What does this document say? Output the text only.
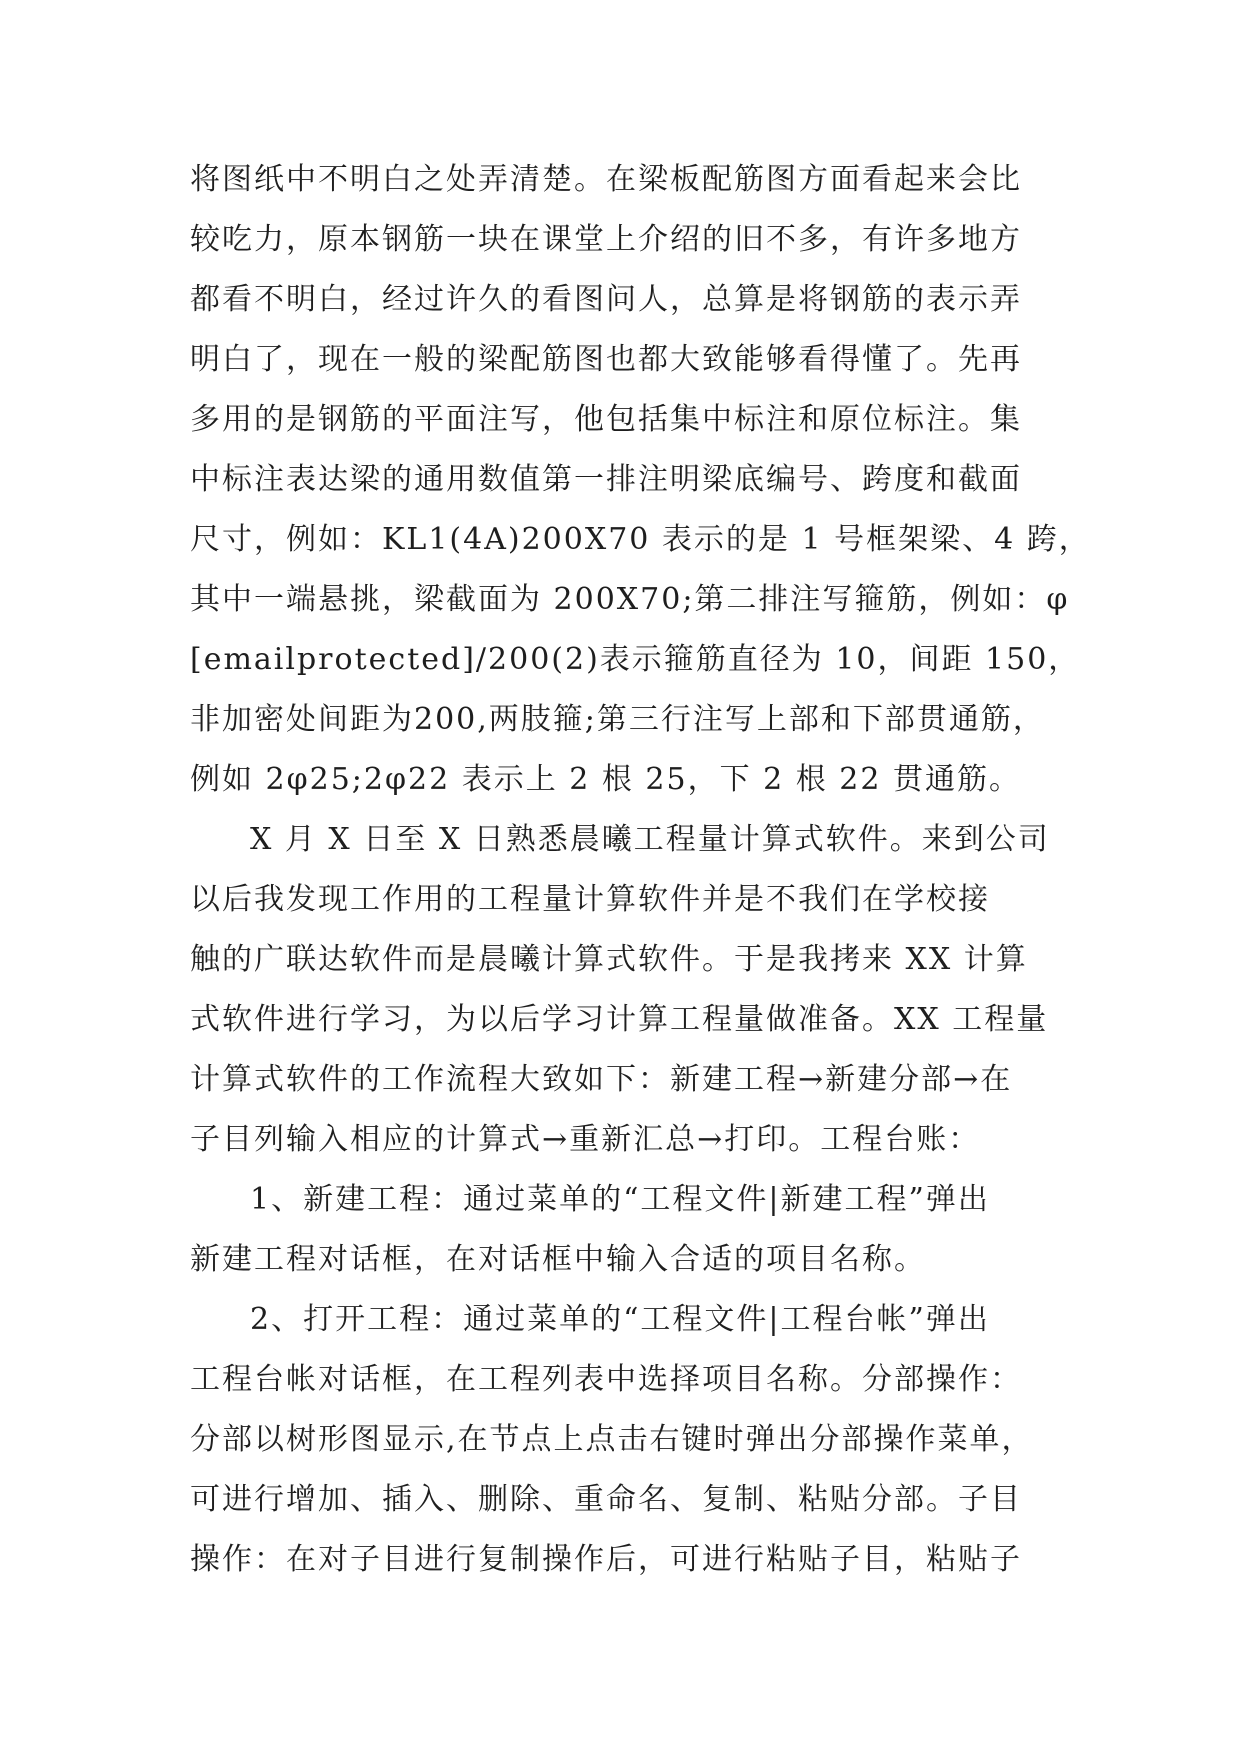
将图纸中不明白之处弄清楚。在梁板配筋图方面看起来会比
较吃力，原本钢筋一块在课堂上介绍的旧不多，有许多地方
都看不明白，经过许久的看图问人，总算是将钢筋的表示弄
明白了，现在一般的梁配筋图也都大致能够看得懂了。先再
多用的是钢筋的平面注写，他包括集中标注和原位标注。集
中标注表达梁的通用数值第一排注明梁底编号、跨度和截面
尺寸，例如：KL1(4A)200X70 表示的是 1 号框架梁、4 跨，
其中一端悬挑，梁截面为 200X70;第二排注写箍筋，例如：φ
[emailprotected]/200(2)表示箍筋直径为 10，间距 150，
非加密处间距为200,两肢箍;第三行注写上部和下部贯通筋，
例如 2φ25;2φ22 表示上 2 根 25，下 2 根 22 贯通筋。
X 月 X 日至 X 日熟悉晨曦工程量计算式软件。来到公司
以后我发现工作用的工程量计算软件并是不我们在学校接
触的广联达软件而是晨曦计算式软件。于是我拷来 XX 计算
式软件进行学习，为以后学习计算工程量做准备。XX 工程量
计算式软件的工作流程大致如下：新建工程→新建分部→在
子目列输入相应的计算式→重新汇总→打印。工程台账：
1、新建工程：通过菜单的“工程文件|新建工程”弹出
新建工程对话框，在对话框中输入合适的项目名称。
2、打开工程：通过菜单的“工程文件|工程台帐”弹出
工程台帐对话框，在工程列表中选择项目名称。分部操作：
分部以树形图显示,在节点上点击右键时弹出分部操作菜单，
可进行增加、插入、删除、重命名、复制、粘贴分部。子目
操作：在对子目进行复制操作后，可进行粘贴子目，粘贴子
